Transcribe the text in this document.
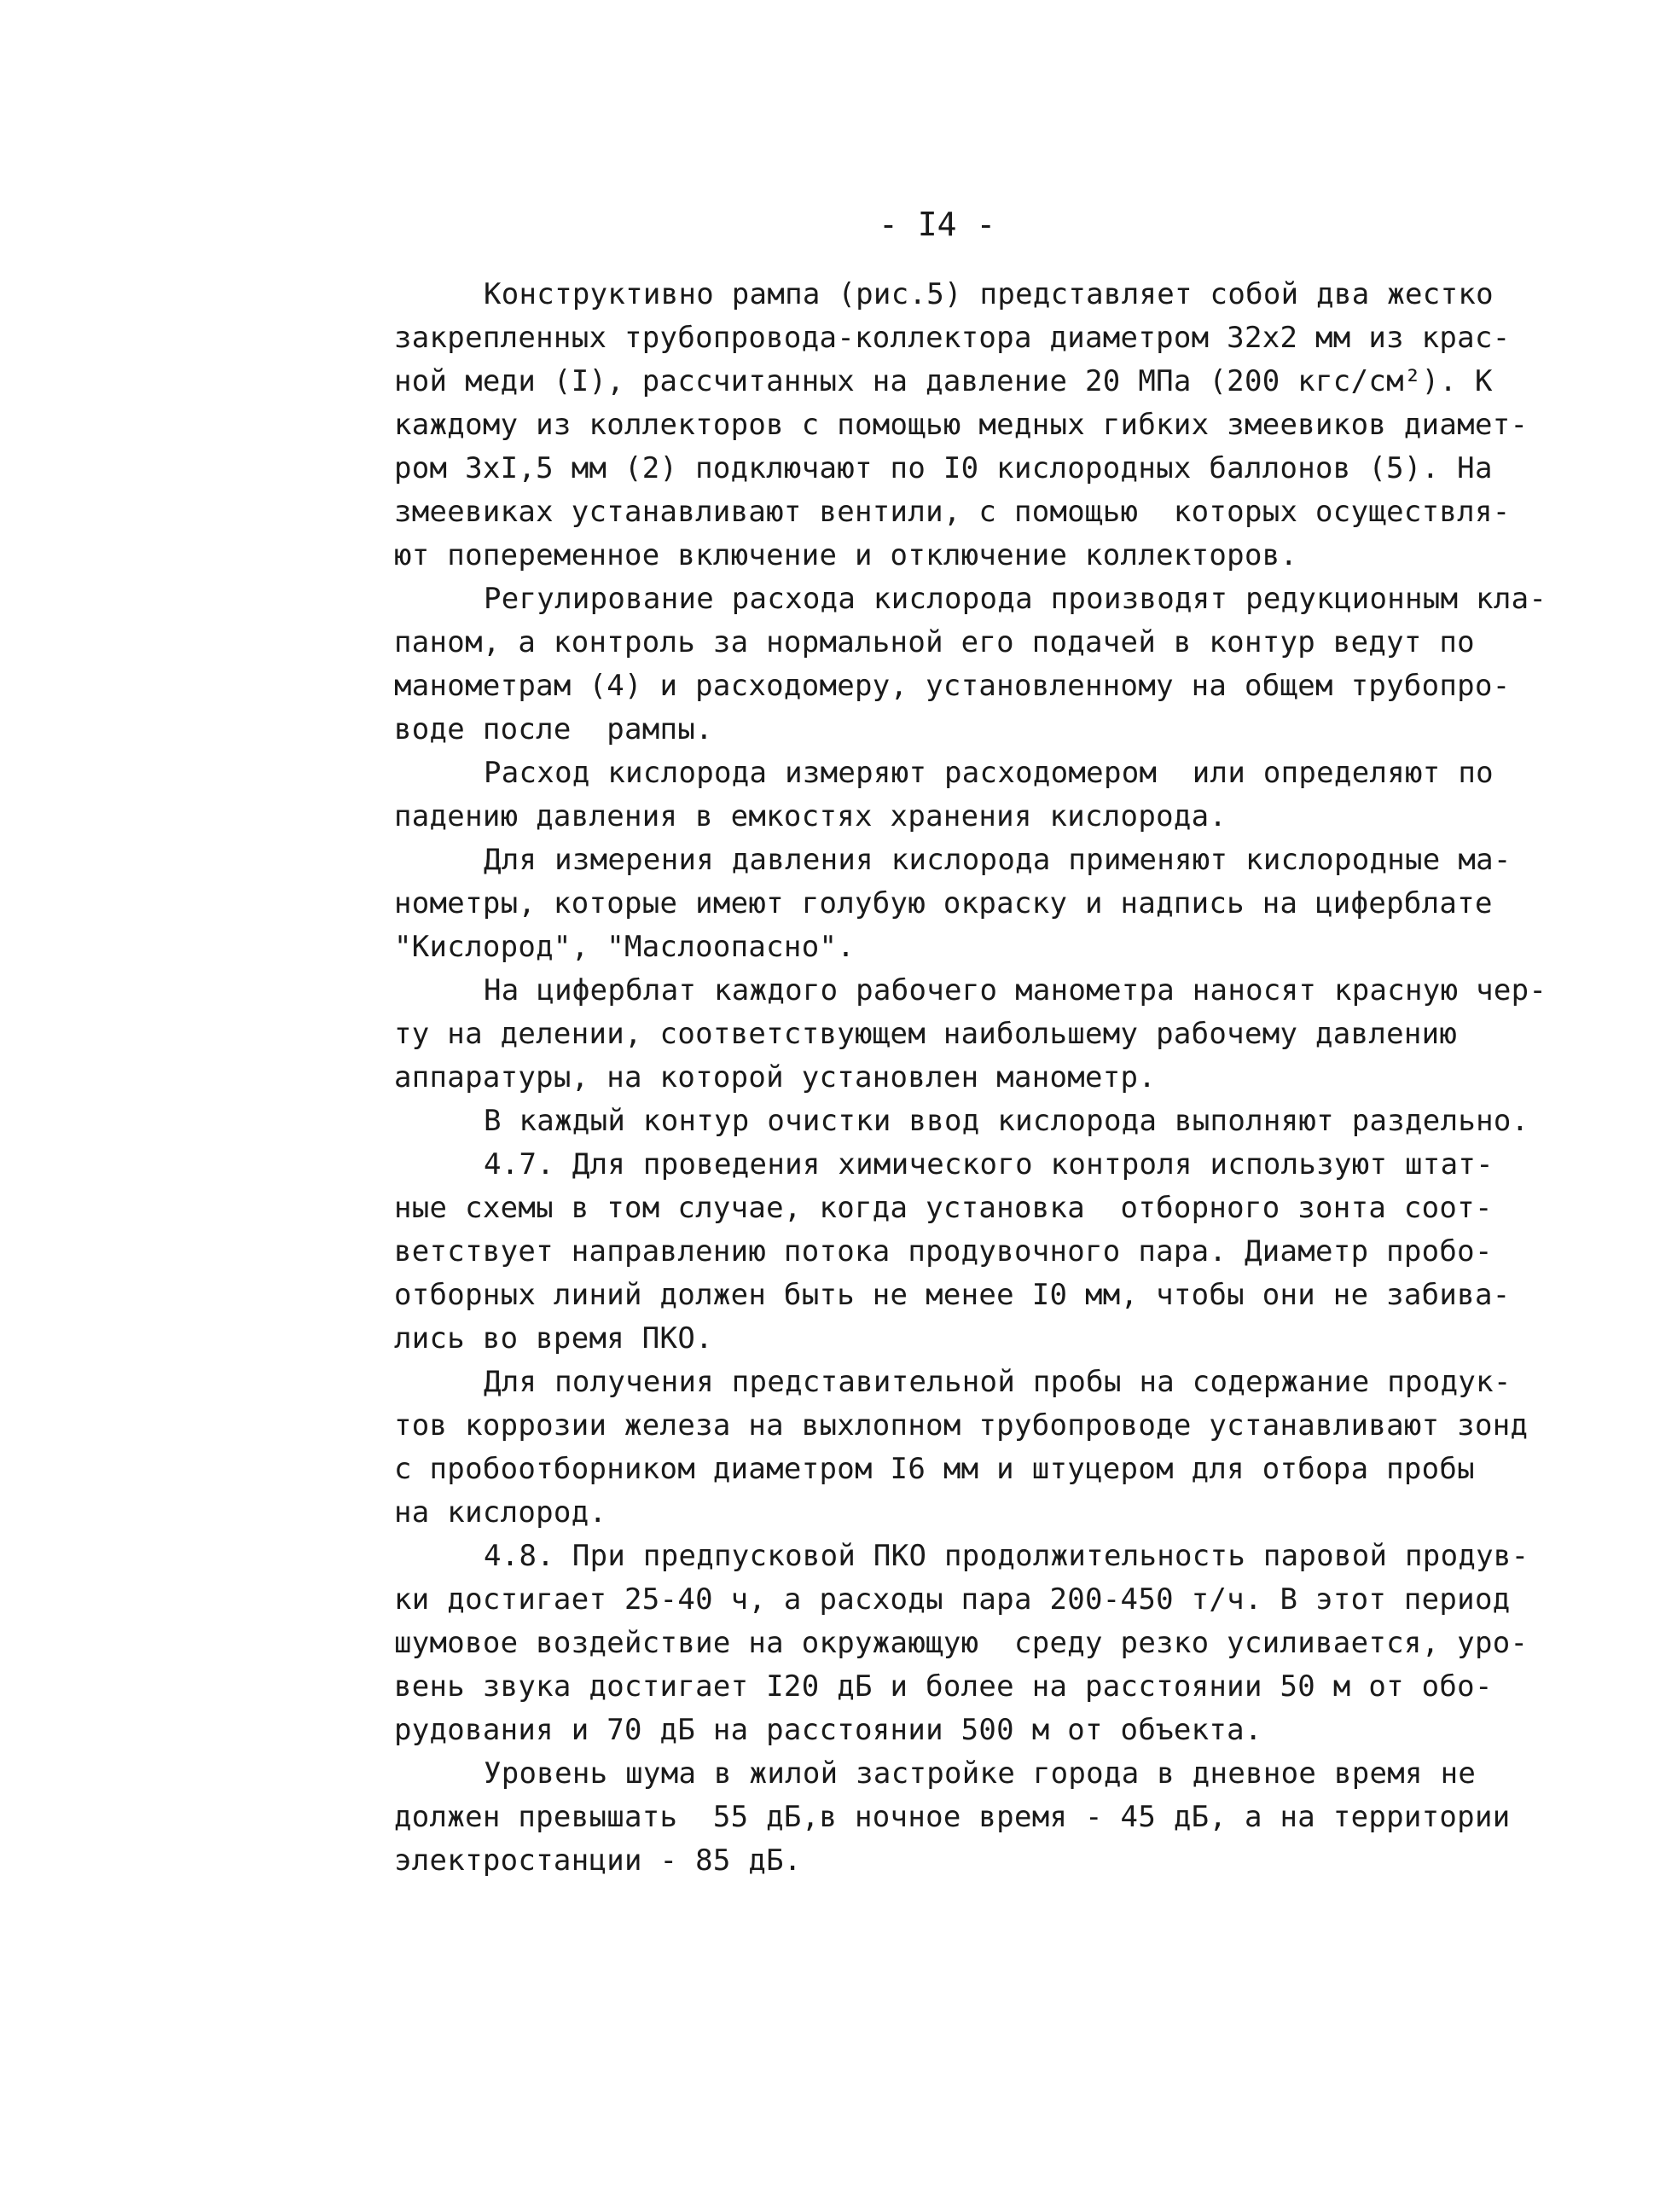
- I4 -
Конструктивно рампа (рис.5) представляет собой два жестко
закрепленных трубопровода-коллектора диаметром 32х2 мм из крас-
ной меди (I), рассчитанных на давление 20 МПа (200 кгс/см²). К
каждому из коллекторов с помощью медных гибких змеевиков диамет-
ром 3хI,5 мм (2) подключают по I0 кислородных баллонов (5). На
змеевиках устанавливают вентили, с помощью  которых осуществля-
ют попеременное включение и отключение коллекторов.
Регулирование расхода кислорода производят редукционным кла-
паном, а контроль за нормальной его подачей в контур ведут по
манометрам (4) и расходомеру, установленному на общем трубопро-
воде после  рампы.
Расход кислорода измеряют расходомером  или определяют по
падению давления в емкостях хранения кислорода.
Для измерения давления кислорода применяют кислородные ма-
нометры, которые имеют голубую окраску и надпись на циферблате
"Кислород", "Маслоопасно".
На циферблат каждого рабочего манометра наносят красную чер-
ту на делении, соответствующем наибольшему рабочему давлению
аппаратуры, на которой установлен манометр.
В каждый контур очистки ввод кислорода выполняют раздельно.
4.7. Для проведения химического контроля используют штат-
ные схемы в том случае, когда установка  отборного зонта соот-
ветствует направлению потока продувочного пара. Диаметр пробо-
отборных линий должен быть не менее I0 мм, чтобы они не забива-
лись во время ПКО.
Для получения представительной пробы на содержание продук-
тов коррозии железа на выхлопном трубопроводе устанавливают зонд
с пробоотборником диаметром I6 мм и штуцером для отбора пробы
на кислород.
4.8. При предпусковой ПКО продолжительность паровой продув-
ки достигает 25-40 ч, а расходы пара 200-450 т/ч. В этот период
шумовое воздействие на окружающую  среду резко усиливается, уро-
вень звука достигает I20 дБ и более на расстоянии 50 м от обо-
рудования и 70 дБ на расстоянии 500 м от объекта.
Уровень шума в жилой застройке города в дневное время не
должен превышать  55 дБ,в ночное время - 45 дБ, а на территории
электростанции - 85 дБ.
